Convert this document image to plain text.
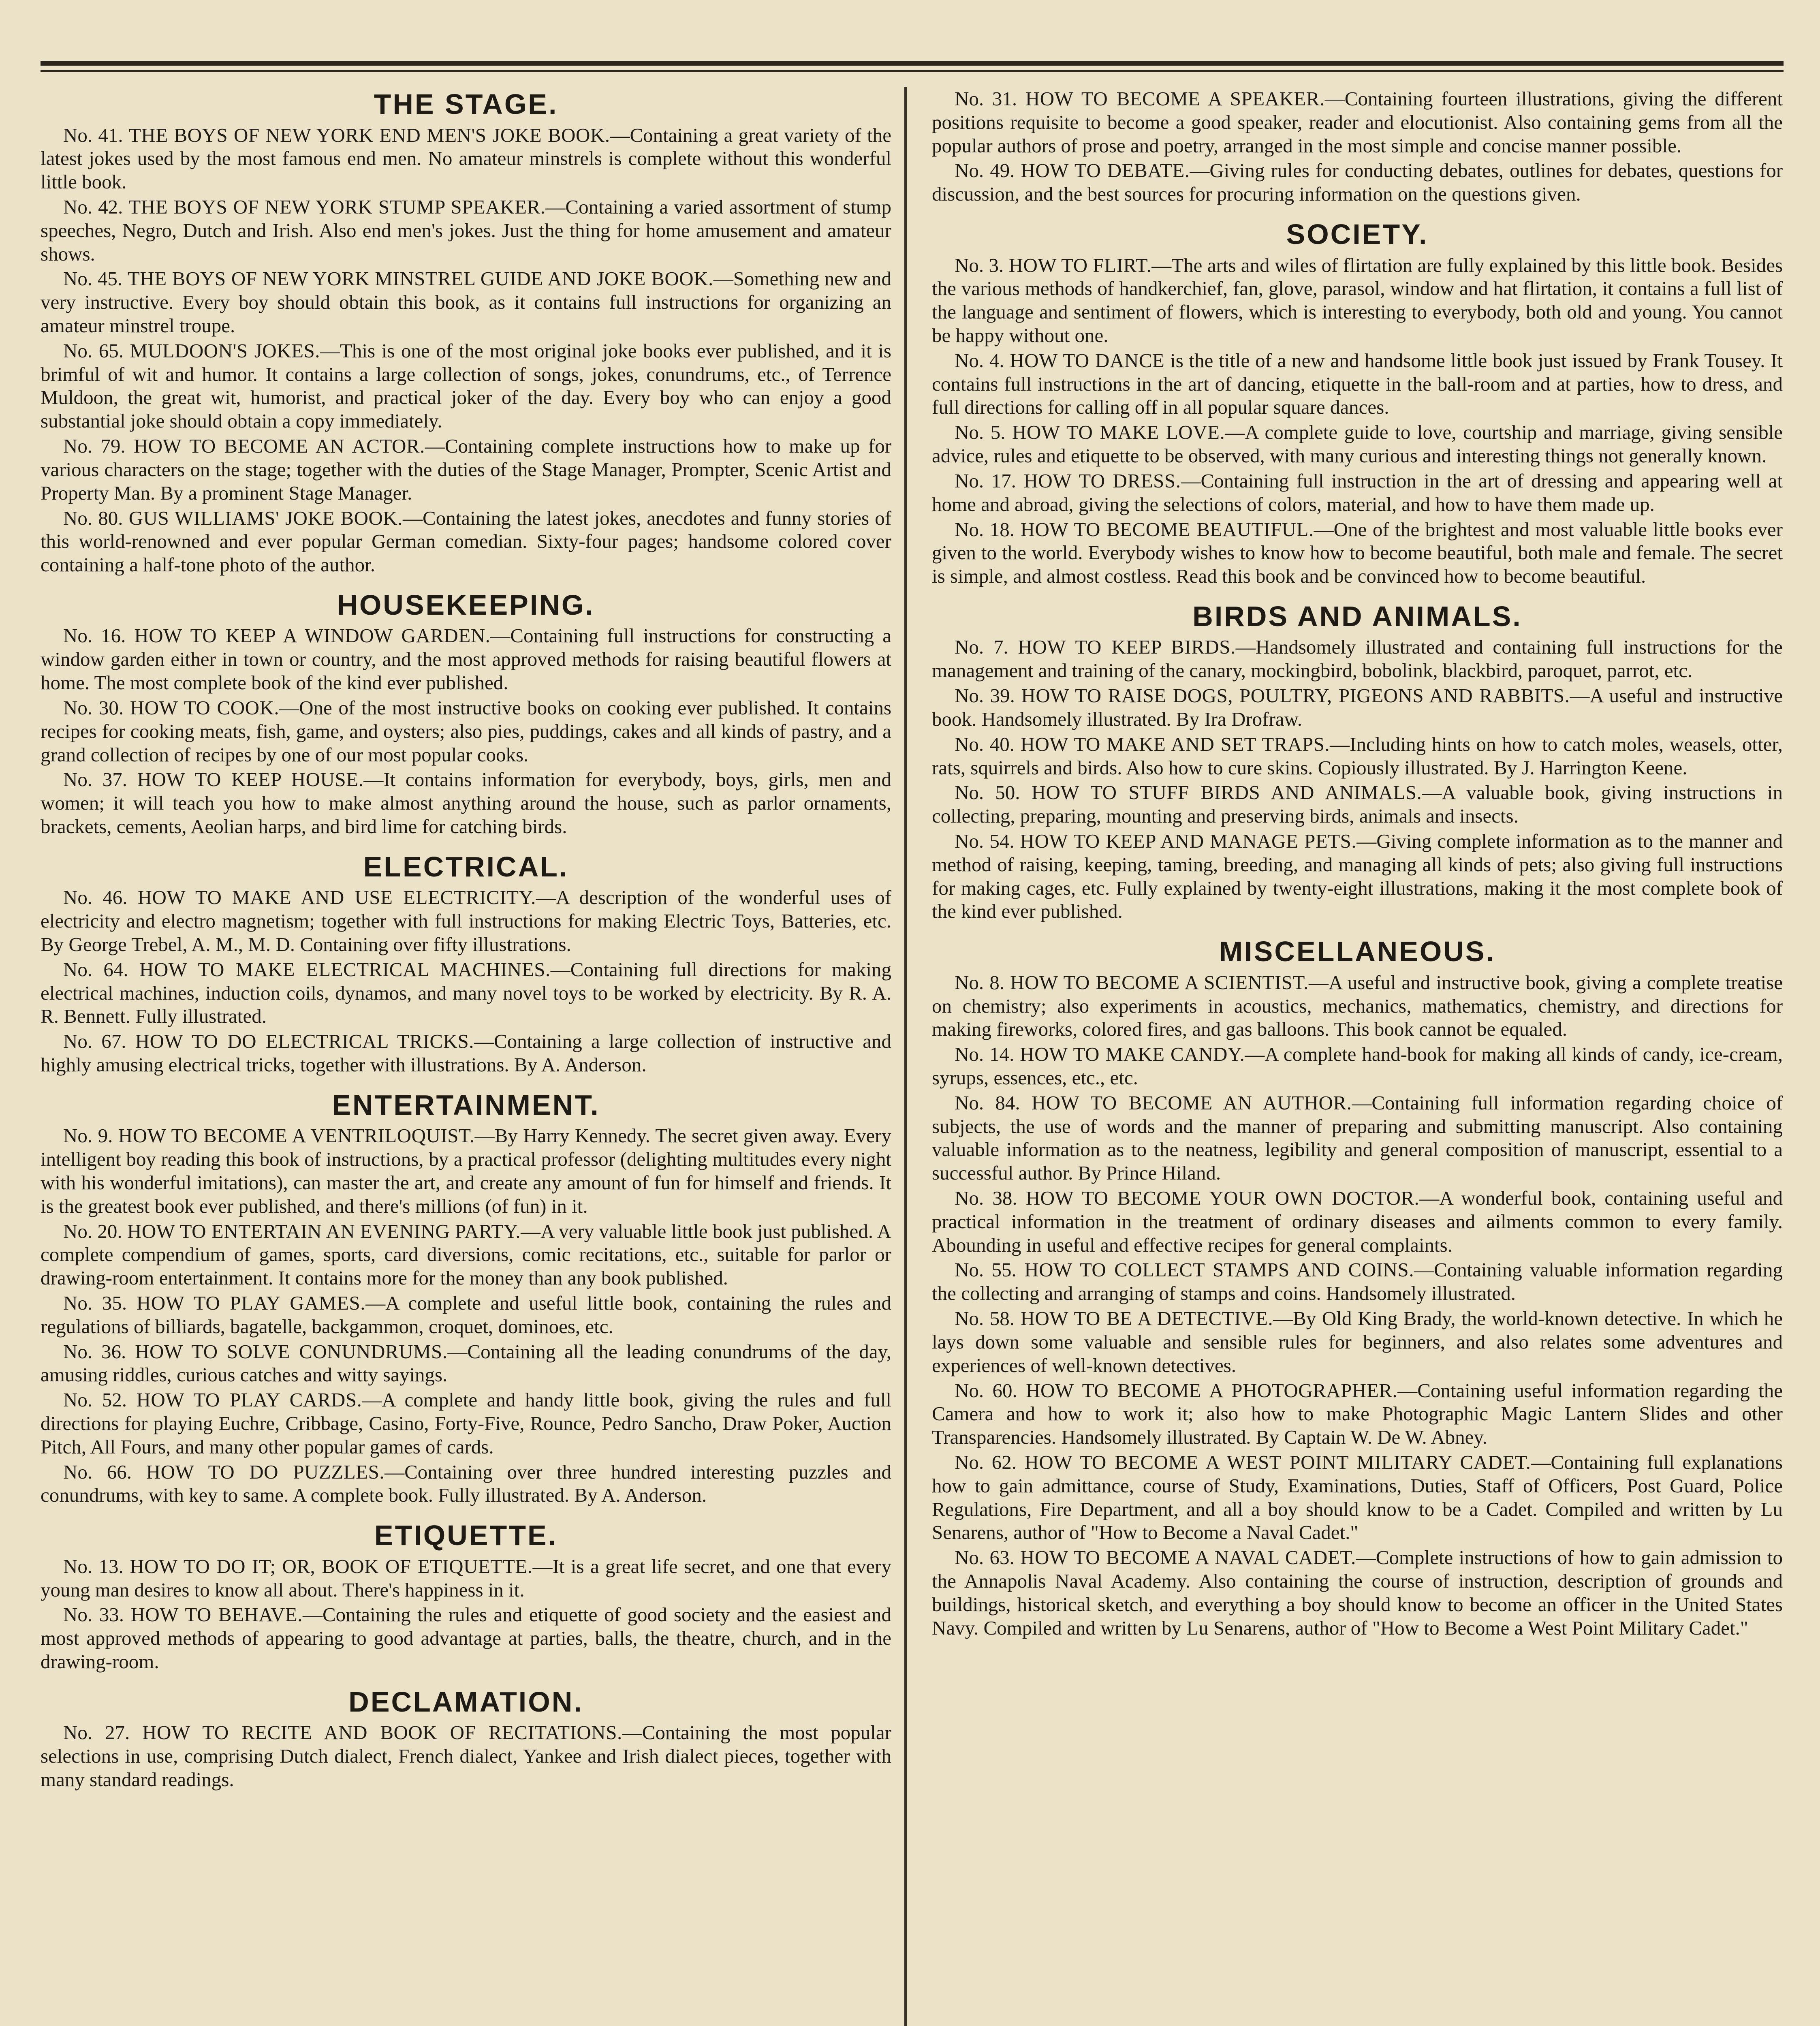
THE STAGE.

No. 41. THE BOYS OF NEW YORK END MEN'S JOKE BOOK.—Containing a great variety of the latest jokes used by the most famous end men. No amateur minstrels is complete without this wonderful little book.

No. 42. THE BOYS OF NEW YORK STUMP SPEAKER.—Containing a varied assortment of stump speeches, Negro, Dutch and Irish. Also end men's jokes. Just the thing for home amusement and amateur shows.

No. 45. THE BOYS OF NEW YORK MINSTREL GUIDE AND JOKE BOOK.—Something new and very instructive. Every boy should obtain this book, as it contains full instructions for organizing an amateur minstrel troupe.

No. 65. MULDOON'S JOKES.—This is one of the most original joke books ever published, and it is brimful of wit and humor. It contains a large collection of songs, jokes, conundrums, etc., of Terrence Muldoon, the great wit, humorist, and practical joker of the day. Every boy who can enjoy a good substantial joke should obtain a copy immediately.

No. 79. HOW TO BECOME AN ACTOR.—Containing complete instructions how to make up for various characters on the stage; together with the duties of the Stage Manager, Prompter, Scenic Artist and Property Man. By a prominent Stage Manager.

No. 80. GUS WILLIAMS' JOKE BOOK.—Containing the latest jokes, anecdotes and funny stories of this world-renowned and ever popular German comedian. Sixty-four pages; handsome colored cover containing a half-tone photo of the author.

HOUSEKEEPING.

No. 16. HOW TO KEEP A WINDOW GARDEN.—Containing full instructions for constructing a window garden either in town or country, and the most approved methods for raising beautiful flowers at home. The most complete book of the kind ever published.

No. 30. HOW TO COOK.—One of the most instructive books on cooking ever published. It contains recipes for cooking meats, fish, game, and oysters; also pies, puddings, cakes and all kinds of pastry, and a grand collection of recipes by one of our most popular cooks.

No. 37. HOW TO KEEP HOUSE.—It contains information for everybody, boys, girls, men and women; it will teach you how to make almost anything around the house, such as parlor ornaments, brackets, cements, Aeolian harps, and bird lime for catching birds.

ELECTRICAL.

No. 46. HOW TO MAKE AND USE ELECTRICITY.—A description of the wonderful uses of electricity and electro magnetism; together with full instructions for making Electric Toys, Batteries, etc. By George Trebel, A. M., M. D. Containing over fifty illustrations.

No. 64. HOW TO MAKE ELECTRICAL MACHINES.—Containing full directions for making electrical machines, induction coils, dynamos, and many novel toys to be worked by electricity. By R. A. R. Bennett. Fully illustrated.

No. 67. HOW TO DO ELECTRICAL TRICKS.—Containing a large collection of instructive and highly amusing electrical tricks, together with illustrations. By A. Anderson.

ENTERTAINMENT.

No. 9. HOW TO BECOME A VENTRILOQUIST.—By Harry Kennedy. The secret given away. Every intelligent boy reading this book of instructions, by a practical professor (delighting multitudes every night with his wonderful imitations), can master the art, and create any amount of fun for himself and friends. It is the greatest book ever published, and there's millions (of fun) in it.

No. 20. HOW TO ENTERTAIN AN EVENING PARTY.—A very valuable little book just published. A complete compendium of games, sports, card diversions, comic recitations, etc., suitable for parlor or drawing-room entertainment. It contains more for the money than any book published.

No. 35. HOW TO PLAY GAMES.—A complete and useful little book, containing the rules and regulations of billiards, bagatelle, backgammon, croquet, dominoes, etc.

No. 36. HOW TO SOLVE CONUNDRUMS.—Containing all the leading conundrums of the day, amusing riddles, curious catches and witty sayings.

No. 52. HOW TO PLAY CARDS.—A complete and handy little book, giving the rules and full directions for playing Euchre, Cribbage, Casino, Forty-Five, Rounce, Pedro Sancho, Draw Poker, Auction Pitch, All Fours, and many other popular games of cards.

No. 66. HOW TO DO PUZZLES.—Containing over three hundred interesting puzzles and conundrums, with key to same. A complete book. Fully illustrated. By A. Anderson.

ETIQUETTE.

No. 13. HOW TO DO IT; OR, BOOK OF ETIQUETTE.—It is a great life secret, and one that every young man desires to know all about. There's happiness in it.

No. 33. HOW TO BEHAVE.—Containing the rules and etiquette of good society and the easiest and most approved methods of appearing to good advantage at parties, balls, the theatre, church, and in the drawing-room.

DECLAMATION.

No. 27. HOW TO RECITE AND BOOK OF RECITATIONS.—Containing the most popular selections in use, comprising Dutch dialect, French dialect, Yankee and Irish dialect pieces, together with many standard readings.

No. 31. HOW TO BECOME A SPEAKER.—Containing fourteen illustrations, giving the different positions requisite to become a good speaker, reader and elocutionist. Also containing gems from all the popular authors of prose and poetry, arranged in the most simple and concise manner possible.

No. 49. HOW TO DEBATE.—Giving rules for conducting debates, outlines for debates, questions for discussion, and the best sources for procuring information on the questions given.

SOCIETY.

No. 3. HOW TO FLIRT.—The arts and wiles of flirtation are fully explained by this little book. Besides the various methods of handkerchief, fan, glove, parasol, window and hat flirtation, it contains a full list of the language and sentiment of flowers, which is interesting to everybody, both old and young. You cannot be happy without one.

No. 4. HOW TO DANCE is the title of a new and handsome little book just issued by Frank Tousey. It contains full instructions in the art of dancing, etiquette in the ball-room and at parties, how to dress, and full directions for calling off in all popular square dances.

No. 5. HOW TO MAKE LOVE.—A complete guide to love, courtship and marriage, giving sensible advice, rules and etiquette to be observed, with many curious and interesting things not generally known.

No. 17. HOW TO DRESS.—Containing full instruction in the art of dressing and appearing well at home and abroad, giving the selections of colors, material, and how to have them made up.

No. 18. HOW TO BECOME BEAUTIFUL.—One of the brightest and most valuable little books ever given to the world. Everybody wishes to know how to become beautiful, both male and female. The secret is simple, and almost costless. Read this book and be convinced how to become beautiful.

BIRDS AND ANIMALS.

No. 7. HOW TO KEEP BIRDS.—Handsomely illustrated and containing full instructions for the management and training of the canary, mockingbird, bobolink, blackbird, paroquet, parrot, etc.

No. 39. HOW TO RAISE DOGS, POULTRY, PIGEONS AND RABBITS.—A useful and instructive book. Handsomely illustrated. By Ira Drofraw.

No. 40. HOW TO MAKE AND SET TRAPS.—Including hints on how to catch moles, weasels, otter, rats, squirrels and birds. Also how to cure skins. Copiously illustrated. By J. Harrington Keene.

No. 50. HOW TO STUFF BIRDS AND ANIMALS.—A valuable book, giving instructions in collecting, preparing, mounting and preserving birds, animals and insects.

No. 54. HOW TO KEEP AND MANAGE PETS.—Giving complete information as to the manner and method of raising, keeping, taming, breeding, and managing all kinds of pets; also giving full instructions for making cages, etc. Fully explained by twenty-eight illustrations, making it the most complete book of the kind ever published.

MISCELLANEOUS.

No. 8. HOW TO BECOME A SCIENTIST.—A useful and instructive book, giving a complete treatise on chemistry; also experiments in acoustics, mechanics, mathematics, chemistry, and directions for making fireworks, colored fires, and gas balloons. This book cannot be equaled.

No. 14. HOW TO MAKE CANDY.—A complete hand-book for making all kinds of candy, ice-cream, syrups, essences, etc., etc.

No. 84. HOW TO BECOME AN AUTHOR.—Containing full information regarding choice of subjects, the use of words and the manner of preparing and submitting manuscript. Also containing valuable information as to the neatness, legibility and general composition of manuscript, essential to a successful author. By Prince Hiland.

No. 38. HOW TO BECOME YOUR OWN DOCTOR.—A wonderful book, containing useful and practical information in the treatment of ordinary diseases and ailments common to every family. Abounding in useful and effective recipes for general complaints.

No. 55. HOW TO COLLECT STAMPS AND COINS.—Containing valuable information regarding the collecting and arranging of stamps and coins. Handsomely illustrated.

No. 58. HOW TO BE A DETECTIVE.—By Old King Brady, the world-known detective. In which he lays down some valuable and sensible rules for beginners, and also relates some adventures and experiences of well-known detectives.

No. 60. HOW TO BECOME A PHOTOGRAPHER.—Containing useful information regarding the Camera and how to work it; also how to make Photographic Magic Lantern Slides and other Transparencies. Handsomely illustrated. By Captain W. De W. Abney.

No. 62. HOW TO BECOME A WEST POINT MILITARY CADET.—Containing full explanations how to gain admittance, course of Study, Examinations, Duties, Staff of Officers, Post Guard, Police Regulations, Fire Department, and all a boy should know to be a Cadet. Compiled and written by Lu Senarens, author of "How to Become a Naval Cadet."

No. 63. HOW TO BECOME A NAVAL CADET.—Complete instructions of how to gain admission to the Annapolis Naval Academy. Also containing the course of instruction, description of grounds and buildings, historical sketch, and everything a boy should know to become an officer in the United States Navy. Compiled and written by Lu Senarens, author of "How to Become a West Point Military Cadet."
